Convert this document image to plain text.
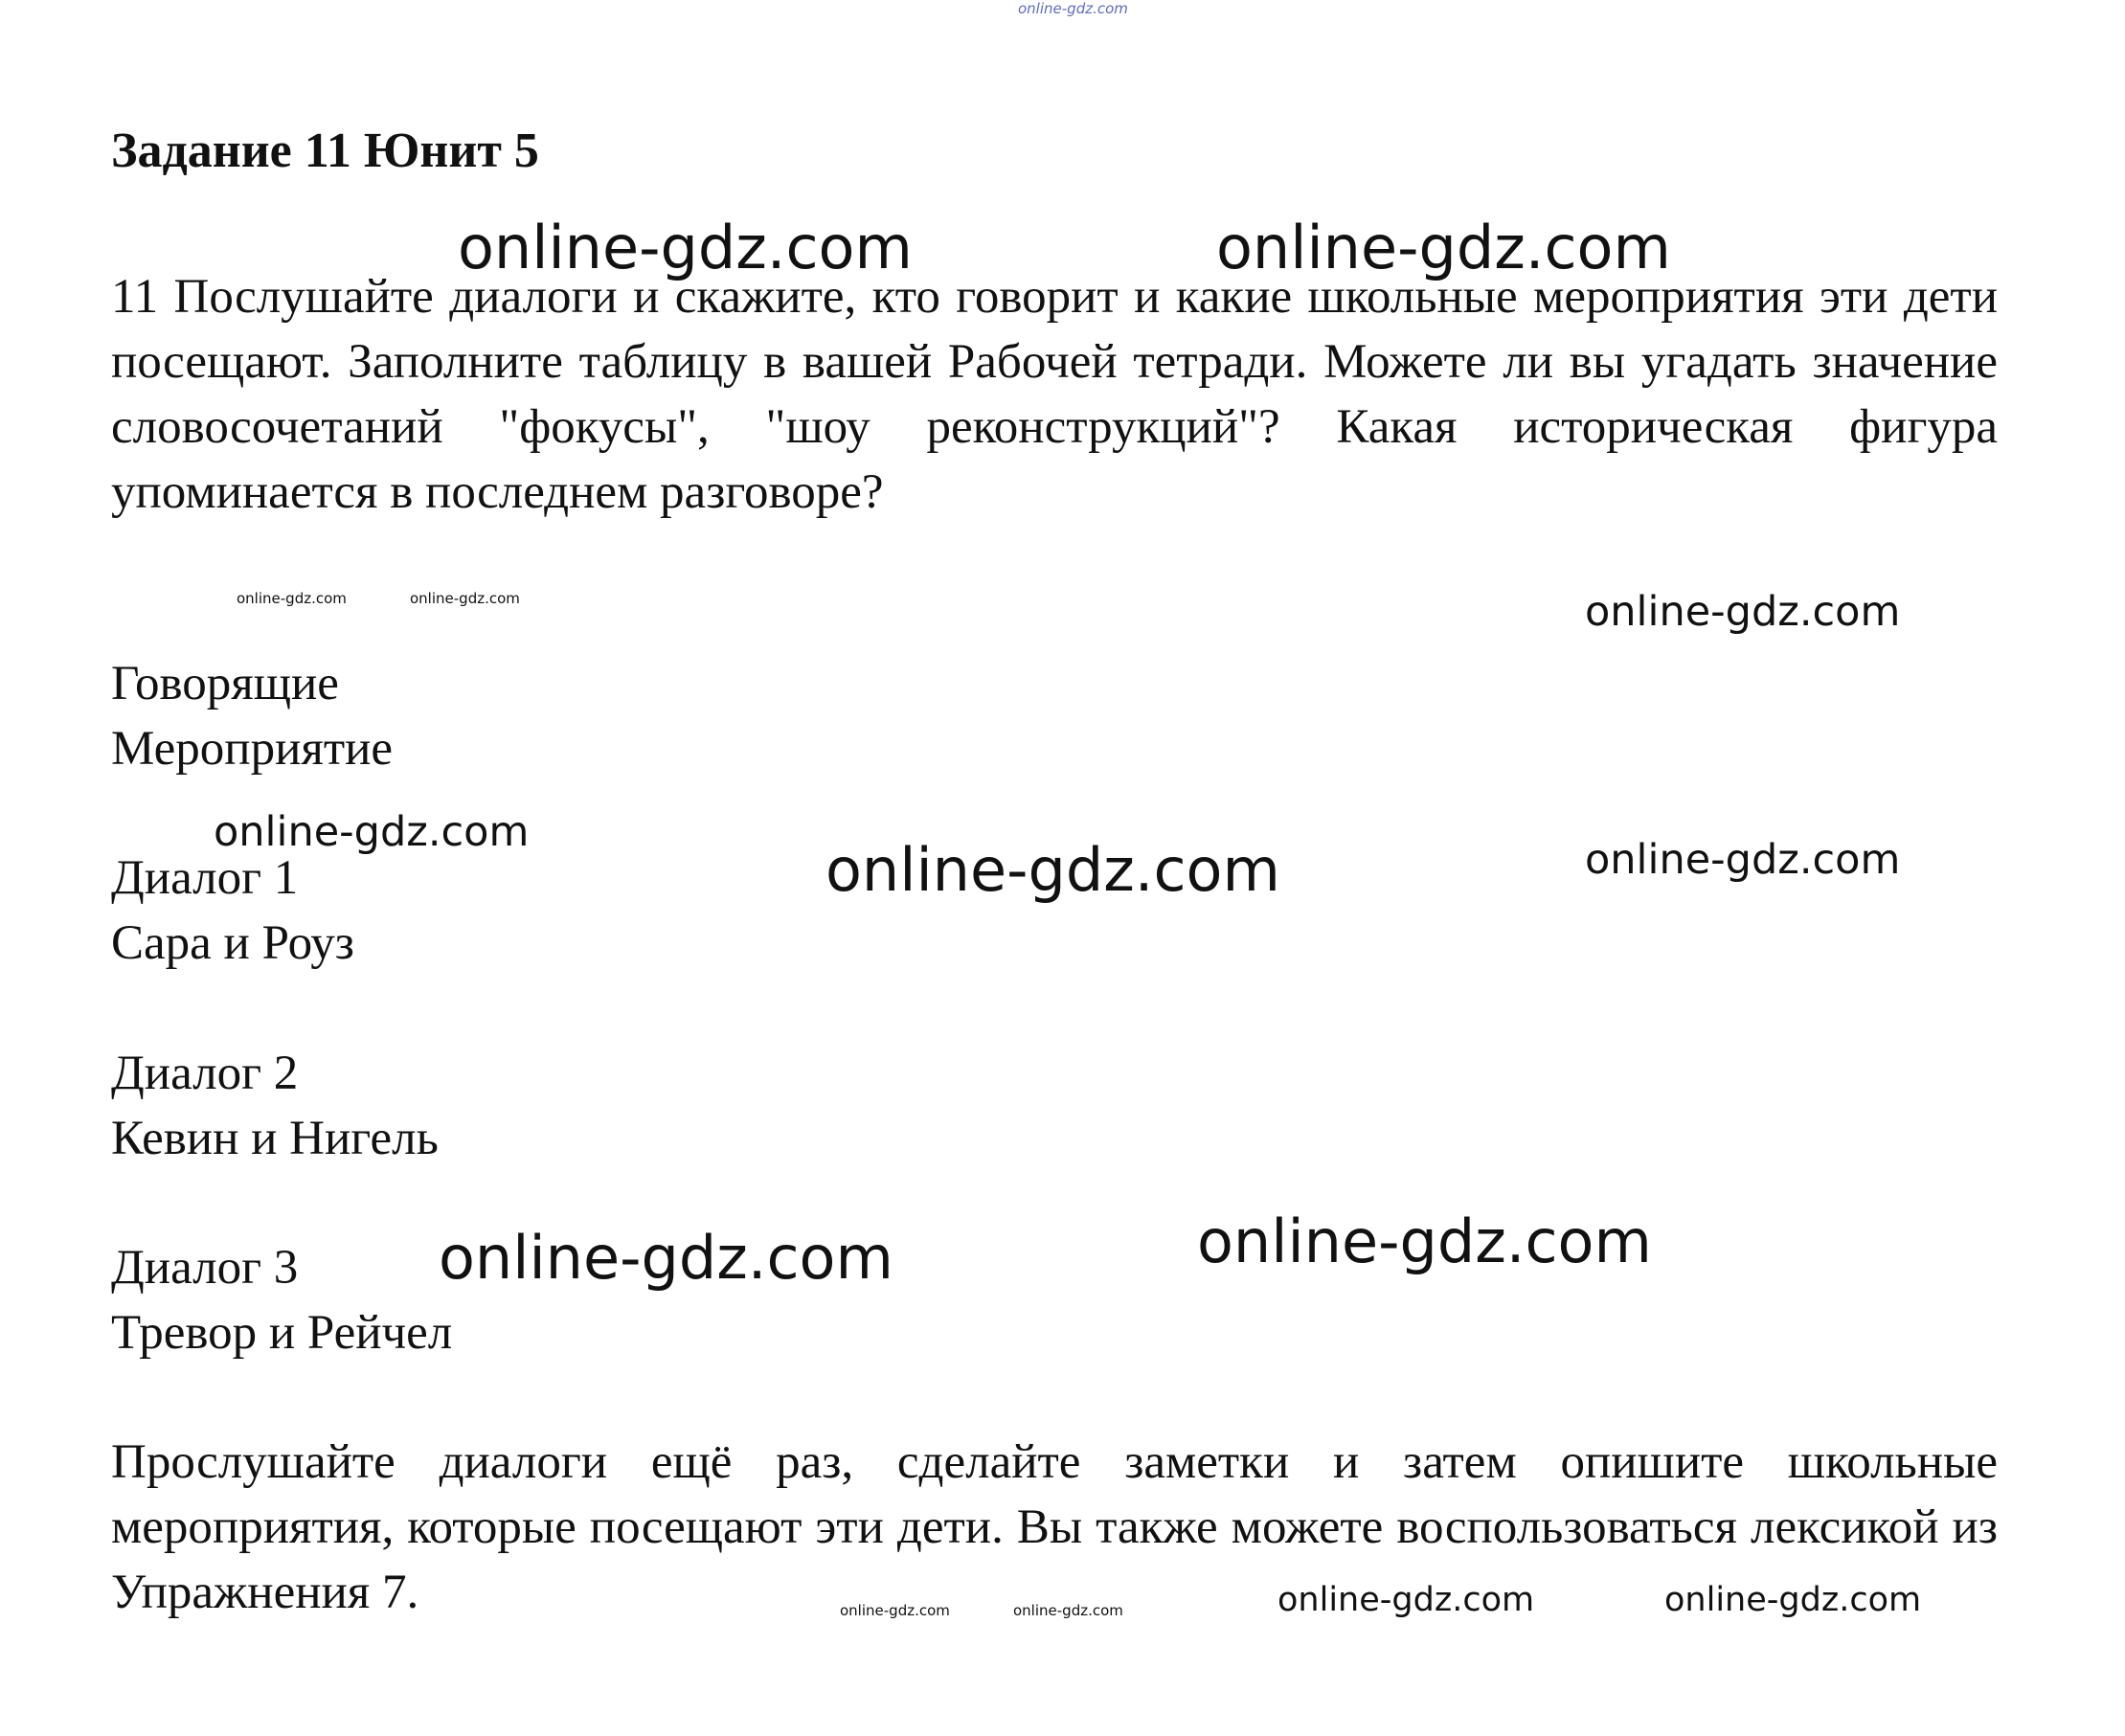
online-gdz.com
Задание 11 Юнит 5

11 Послушайте диалоги и скажите, кто говорит и какие школьные мероприятия эти дети посещают. Заполните таблицу в вашей Рабочей тетради. Можете ли вы угадать значение словосочетаний "фокусы", "шоу реконструкций"? Какая историческая фигура упоминается в последнем разговоре?

Говорящие
Мероприятие
Диалог 1
Сара и Роуз
Диалог 2
Кевин и Нигель
Диалог 3
Тревор и Рейчел

Прослушайте диалоги ещё раз, сделайте заметки и затем опишите школьные мероприятия, которые посещают эти дети. Вы также можете воспользоваться лексикой из Упражнения 7.

online-gdz.com	online-gdz.com
online-gdz.com	online-gdz.com	online-gdz.com
online-gdz.com
online-gdz.com	online-gdz.com
online-gdz.com	online-gdz.com
online-gdz.com	online-gdz.com	online-gdz.com	online-gdz.com
